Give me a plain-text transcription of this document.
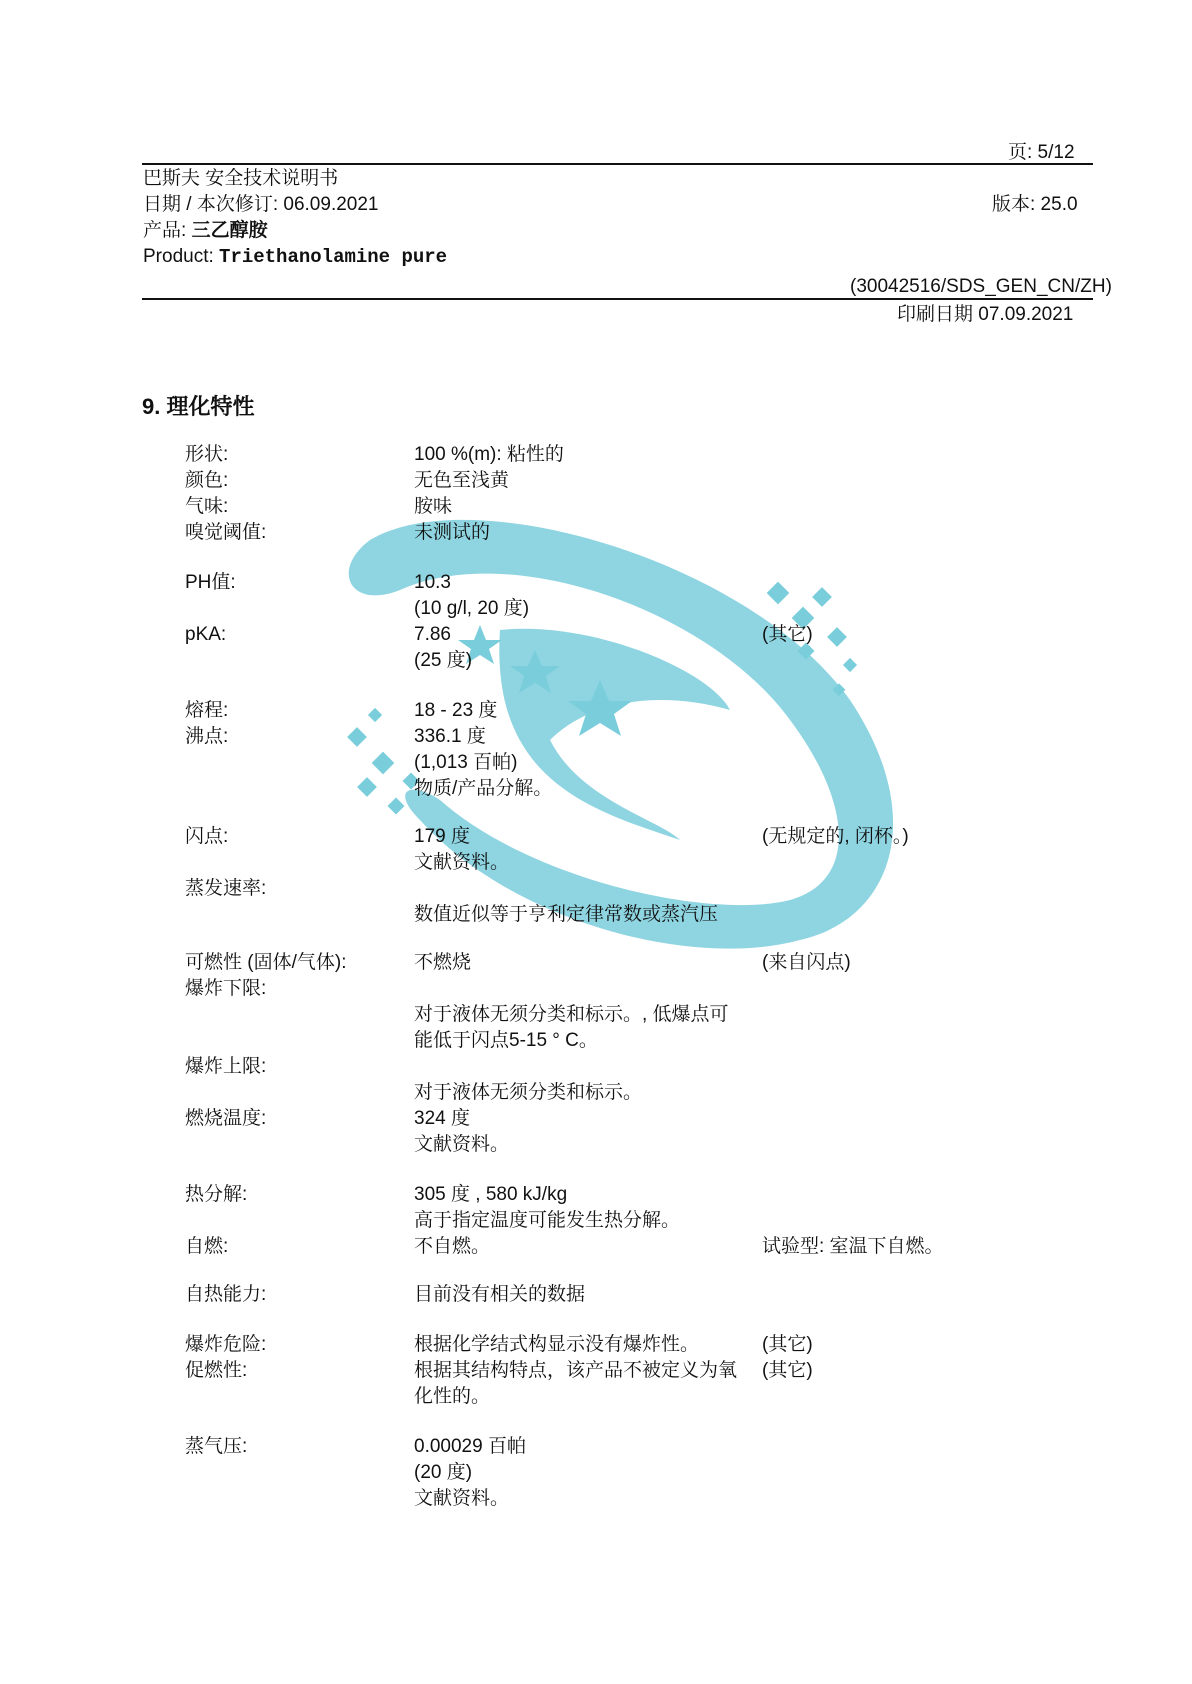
页: 5/12
巴斯夫 安全技术说明书
日期 / 本次修订: 06.09.2021	版本: 25.0
产品: 三乙醇胺
Product: Triethanolamine pure
(30042516/SDS_GEN_CN/ZH)
印刷日期 07.09.2021
9. 理化特性
形状:	100 %(m): 粘性的
颜色:	无色至浅黄
气味:	胺味
嗅觉阈值:	未测试的
PH值:	10.3
(10 g/l, 20 度)
pKA:	7.86	(其它)
(25 度)
熔程:	18 - 23 度
沸点:	336.1 度
(1,013 百帕)
物质/产品分解。
闪点:	179 度	(无规定的, 闭杯。)
文献资料。
蒸发速率:
数值近似等于亨利定律常数或蒸汽压
可燃性 (固体/气体):	不燃烧	(来自闪点)
爆炸下限:
对于液体无须分类和标示。, 低爆点可
能低于闪点5-15 ° C。
爆炸上限:
对于液体无须分类和标示。
燃烧温度:	324 度
文献资料。
热分解:	305 度 , 580 kJ/kg
高于指定温度可能发生热分解。
自燃:	不自燃。	试验型: 室温下自燃。
自热能力:	目前没有相关的数据
爆炸危险:	根据化学结式构显示没有爆炸性。	(其它)
促燃性:	根据其结构特点，该产品不被定义为氧 (其它)
化性的。
蒸气压:	0.00029 百帕
(20 度)
文献资料。
